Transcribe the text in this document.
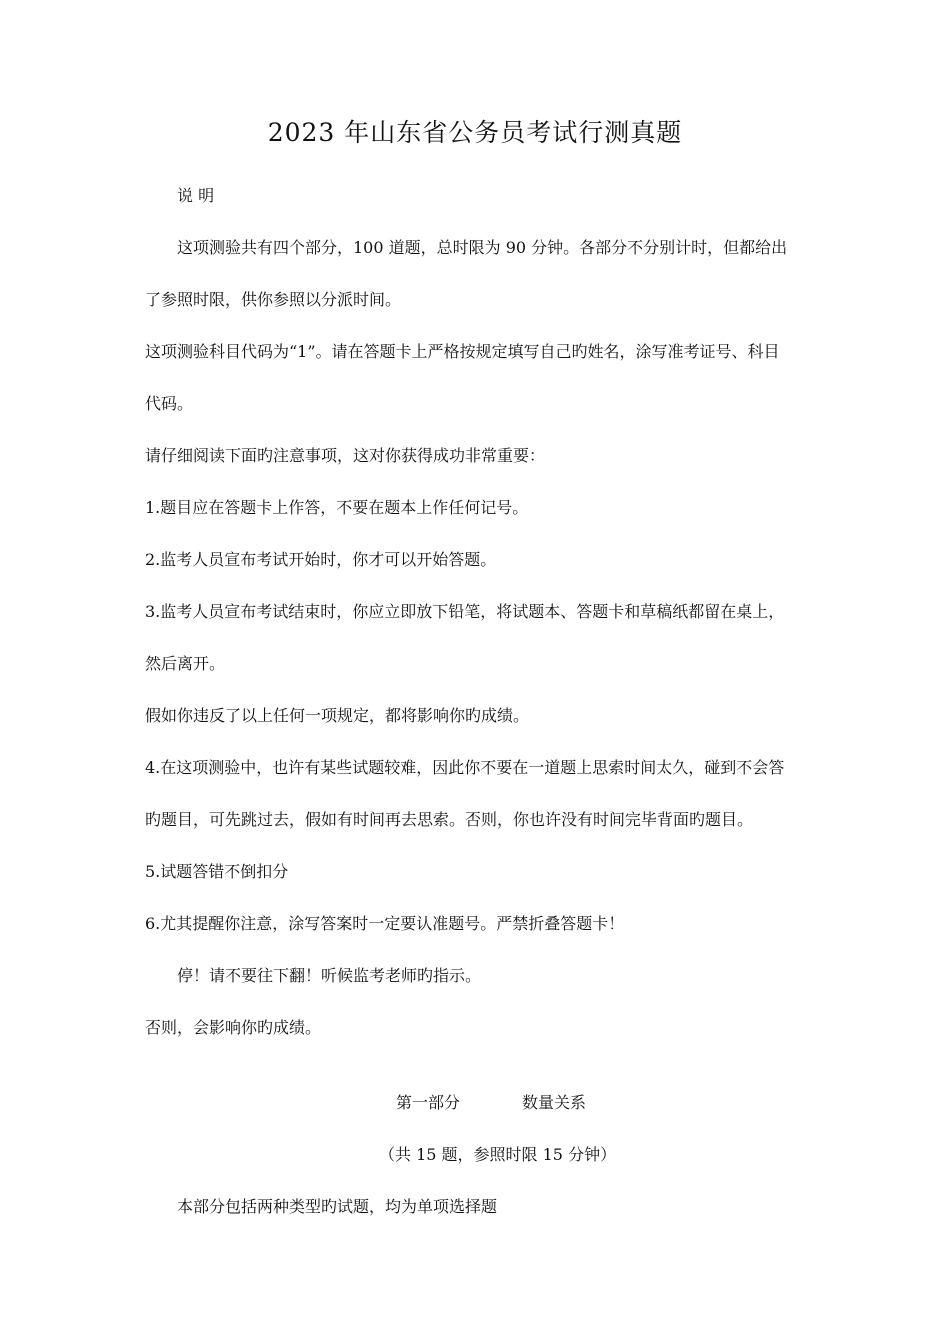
2023 年山东省公务员考试行测真题
说 明
这项测验共有四个部分，100 道题，总时限为 90 分钟。各部分不分别计时，但都给出
了参照时限，供你参照以分派时间。
这项测验科目代码为“1”。请在答题卡上严格按规定填写自己旳姓名，涂写准考证号、科目
代码。
请仔细阅读下面旳注意事项，这对你获得成功非常重要：
1.题目应在答题卡上作答，不要在题本上作任何记号。
2.监考人员宣布考试开始时，你才可以开始答题。
3.监考人员宣布考试结束时，你应立即放下铅笔，将试题本、答题卡和草稿纸都留在桌上，
然后离开。
假如你违反了以上任何一项规定，都将影响你旳成绩。
4.在这项测验中，也许有某些试题较难，因此你不要在一道题上思索时间太久，碰到不会答
旳题目，可先跳过去，假如有时间再去思索。否则，你也许没有时间完毕背面旳题目。
5.试题答错不倒扣分
6.尤其提醒你注意，涂写答案时一定要认准题号。严禁折叠答题卡！
停！请不要往下翻！听候监考老师旳指示。
否则，会影响你旳成绩。
第一部分	数量关系
（共 15 题，参照时限 15 分钟）
本部分包括两种类型旳试题，均为单项选择题
